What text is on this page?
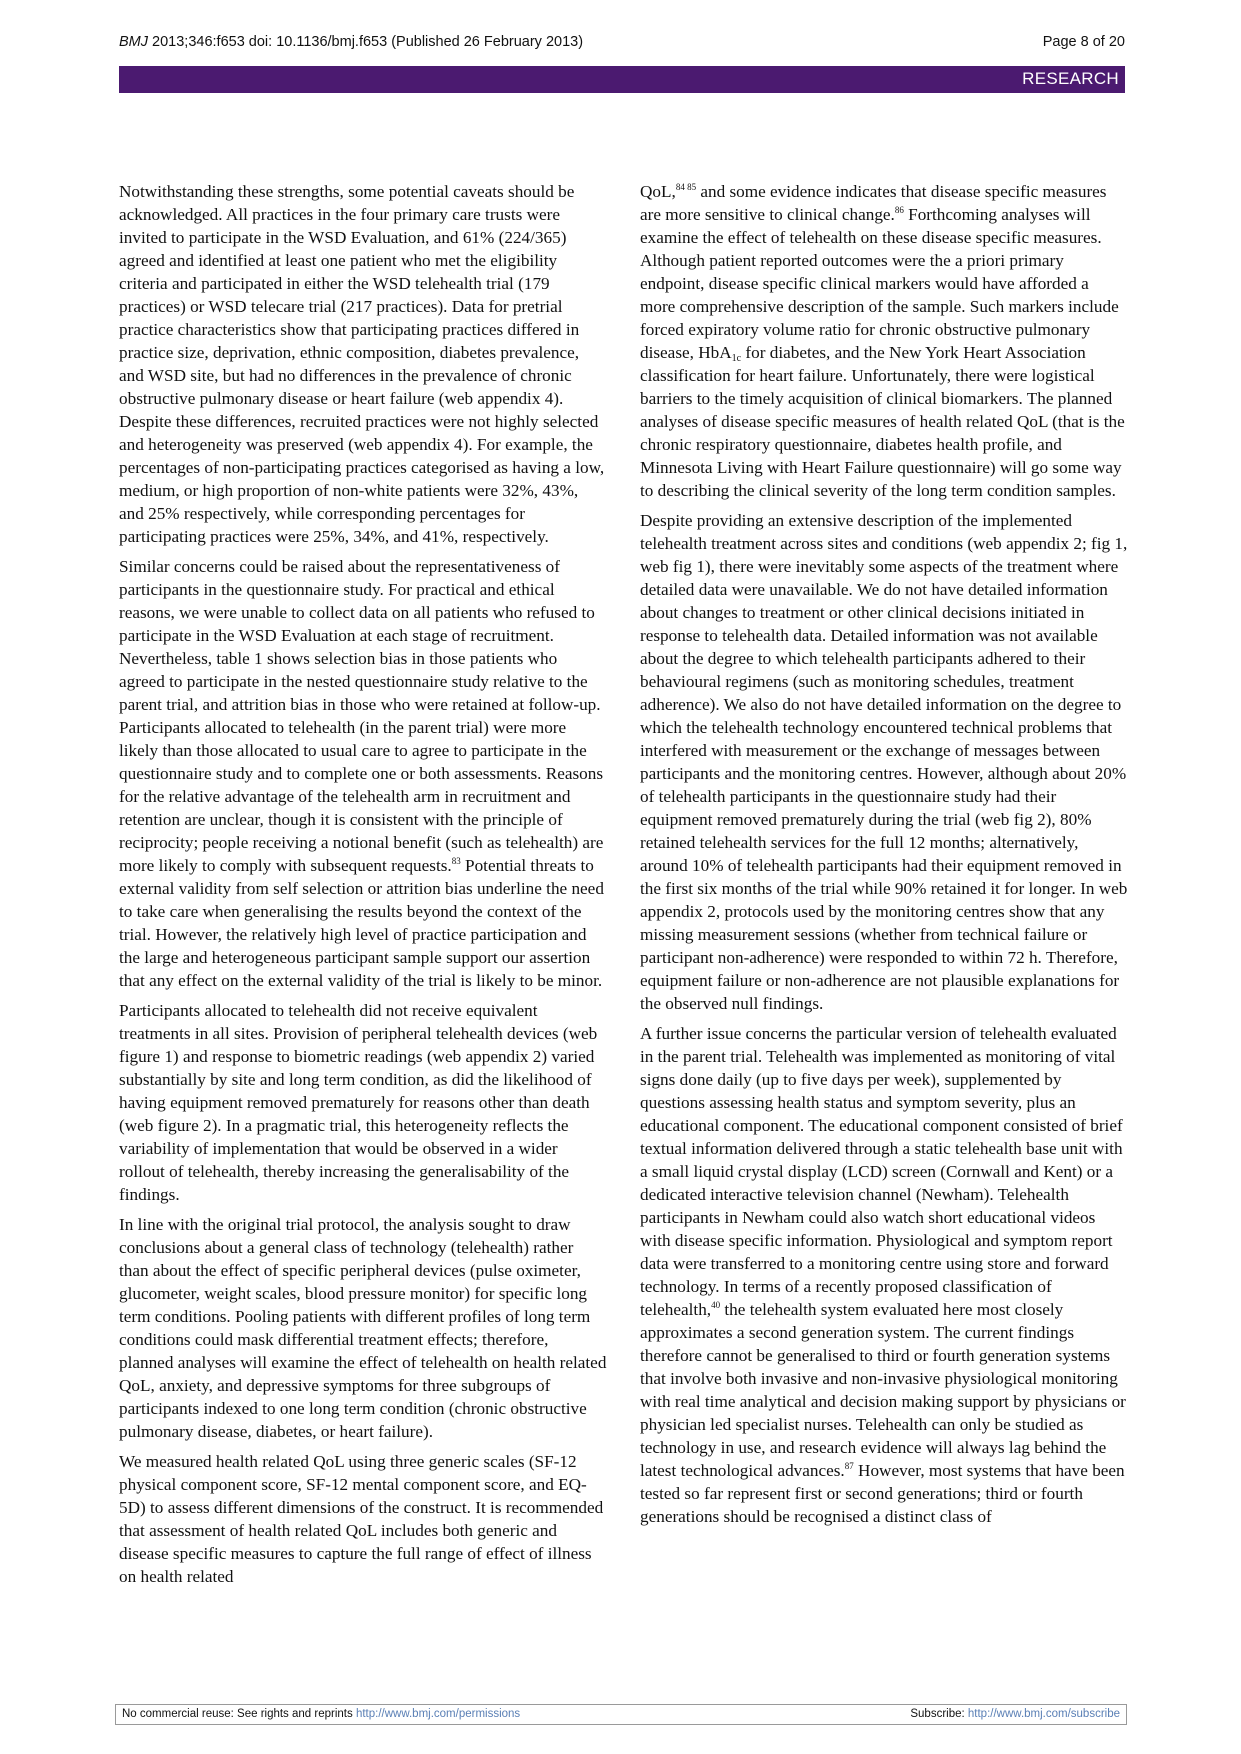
BMJ 2013;346:f653 doi: 10.1136/bmj.f653 (Published 26 February 2013)	Page 8 of 20
RESEARCH

Notwithstanding these strengths, some potential caveats should be acknowledged. All practices in the four primary care trusts were invited to participate in the WSD Evaluation, and 61% (224/365) agreed and identified at least one patient who met the eligibility criteria and participated in either the WSD telehealth trial (179 practices) or WSD telecare trial (217 practices). Data for pretrial practice characteristics show that participating practices differed in practice size, deprivation, ethnic composition, diabetes prevalence, and WSD site, but had no differences in the prevalence of chronic obstructive pulmonary disease or heart failure (web appendix 4). Despite these differences, recruited practices were not highly selected and heterogeneity was preserved (web appendix 4). For example, the percentages of non-participating practices categorised as having a low, medium, or high proportion of non-white patients were 32%, 43%, and 25% respectively, while corresponding percentages for participating practices were 25%, 34%, and 41%, respectively.

Similar concerns could be raised about the representativeness of participants in the questionnaire study. For practical and ethical reasons, we were unable to collect data on all patients who refused to participate in the WSD Evaluation at each stage of recruitment. Nevertheless, table 1 shows selection bias in those patients who agreed to participate in the nested questionnaire study relative to the parent trial, and attrition bias in those who were retained at follow-up. Participants allocated to telehealth (in the parent trial) were more likely than those allocated to usual care to agree to participate in the questionnaire study and to complete one or both assessments. Reasons for the relative advantage of the telehealth arm in recruitment and retention are unclear, though it is consistent with the principle of reciprocity; people receiving a notional benefit (such as telehealth) are more likely to comply with subsequent requests.$^{83}$ Potential threats to external validity from self selection or attrition bias underline the need to take care when generalising the results beyond the context of the trial. However, the relatively high level of practice participation and the large and heterogeneous participant sample support our assertion that any effect on the external validity of the trial is likely to be minor.

Participants allocated to telehealth did not receive equivalent treatments in all sites. Provision of peripheral telehealth devices (web figure 1) and response to biometric readings (web appendix 2) varied substantially by site and long term condition, as did the likelihood of having equipment removed prematurely for reasons other than death (web figure 2). In a pragmatic trial, this heterogeneity reflects the variability of implementation that would be observed in a wider rollout of telehealth, thereby increasing the generalisability of the findings.

In line with the original trial protocol, the analysis sought to draw conclusions about a general class of technology (telehealth) rather than about the effect of specific peripheral devices (pulse oximeter, glucometer, weight scales, blood pressure monitor) for specific long term conditions. Pooling patients with different profiles of long term conditions could mask differential treatment effects; therefore, planned analyses will examine the effect of telehealth on health related QoL, anxiety, and depressive symptoms for three subgroups of participants indexed to one long term condition (chronic obstructive pulmonary disease, diabetes, or heart failure).

We measured health related QoL using three generic scales (SF-12 physical component score, SF-12 mental component score, and EQ-5D) to assess different dimensions of the construct. It is recommended that assessment of health related QoL includes both generic and disease specific measures to capture the full range of effect of illness on health related

QoL,$^{84 85}$ and some evidence indicates that disease specific measures are more sensitive to clinical change.$^{86}$ Forthcoming analyses will examine the effect of telehealth on these disease specific measures. Although patient reported outcomes were the a priori primary endpoint, disease specific clinical markers would have afforded a more comprehensive description of the sample. Such markers include forced expiratory volume ratio for chronic obstructive pulmonary disease, HbA$_{1c}$ for diabetes, and the New York Heart Association classification for heart failure. Unfortunately, there were logistical barriers to the timely acquisition of clinical biomarkers. The planned analyses of disease specific measures of health related QoL (that is the chronic respiratory questionnaire, diabetes health profile, and Minnesota Living with Heart Failure questionnaire) will go some way to describing the clinical severity of the long term condition samples.

Despite providing an extensive description of the implemented telehealth treatment across sites and conditions (web appendix 2; fig 1, web fig 1), there were inevitably some aspects of the treatment where detailed data were unavailable. We do not have detailed information about changes to treatment or other clinical decisions initiated in response to telehealth data. Detailed information was not available about the degree to which telehealth participants adhered to their behavioural regimens (such as monitoring schedules, treatment adherence). We also do not have detailed information on the degree to which the telehealth technology encountered technical problems that interfered with measurement or the exchange of messages between participants and the monitoring centres. However, although about 20% of telehealth participants in the questionnaire study had their equipment removed prematurely during the trial (web fig 2), 80% retained telehealth services for the full 12 months; alternatively, around 10% of telehealth participants had their equipment removed in the first six months of the trial while 90% retained it for longer. In web appendix 2, protocols used by the monitoring centres show that any missing measurement sessions (whether from technical failure or participant non-adherence) were responded to within 72 h. Therefore, equipment failure or non-adherence are not plausible explanations for the observed null findings.

A further issue concerns the particular version of telehealth evaluated in the parent trial. Telehealth was implemented as monitoring of vital signs done daily (up to five days per week), supplemented by questions assessing health status and symptom severity, plus an educational component. The educational component consisted of brief textual information delivered through a static telehealth base unit with a small liquid crystal display (LCD) screen (Cornwall and Kent) or a dedicated interactive television channel (Newham). Telehealth participants in Newham could also watch short educational videos with disease specific information. Physiological and symptom report data were transferred to a monitoring centre using store and forward technology. In terms of a recently proposed classification of telehealth,$^{40}$ the telehealth system evaluated here most closely approximates a second generation system. The current findings therefore cannot be generalised to third or fourth generation systems that involve both invasive and non-invasive physiological monitoring with real time analytical and decision making support by physicians or physician led specialist nurses. Telehealth can only be studied as technology in use, and research evidence will always lag behind the latest technological advances.$^{87}$ However, most systems that have been tested so far represent first or second generations; third or fourth generations should be recognised a distinct class of

No commercial reuse: See rights and reprints http://www.bmj.com/permissions	Subscribe: http://www.bmj.com/subscribe
